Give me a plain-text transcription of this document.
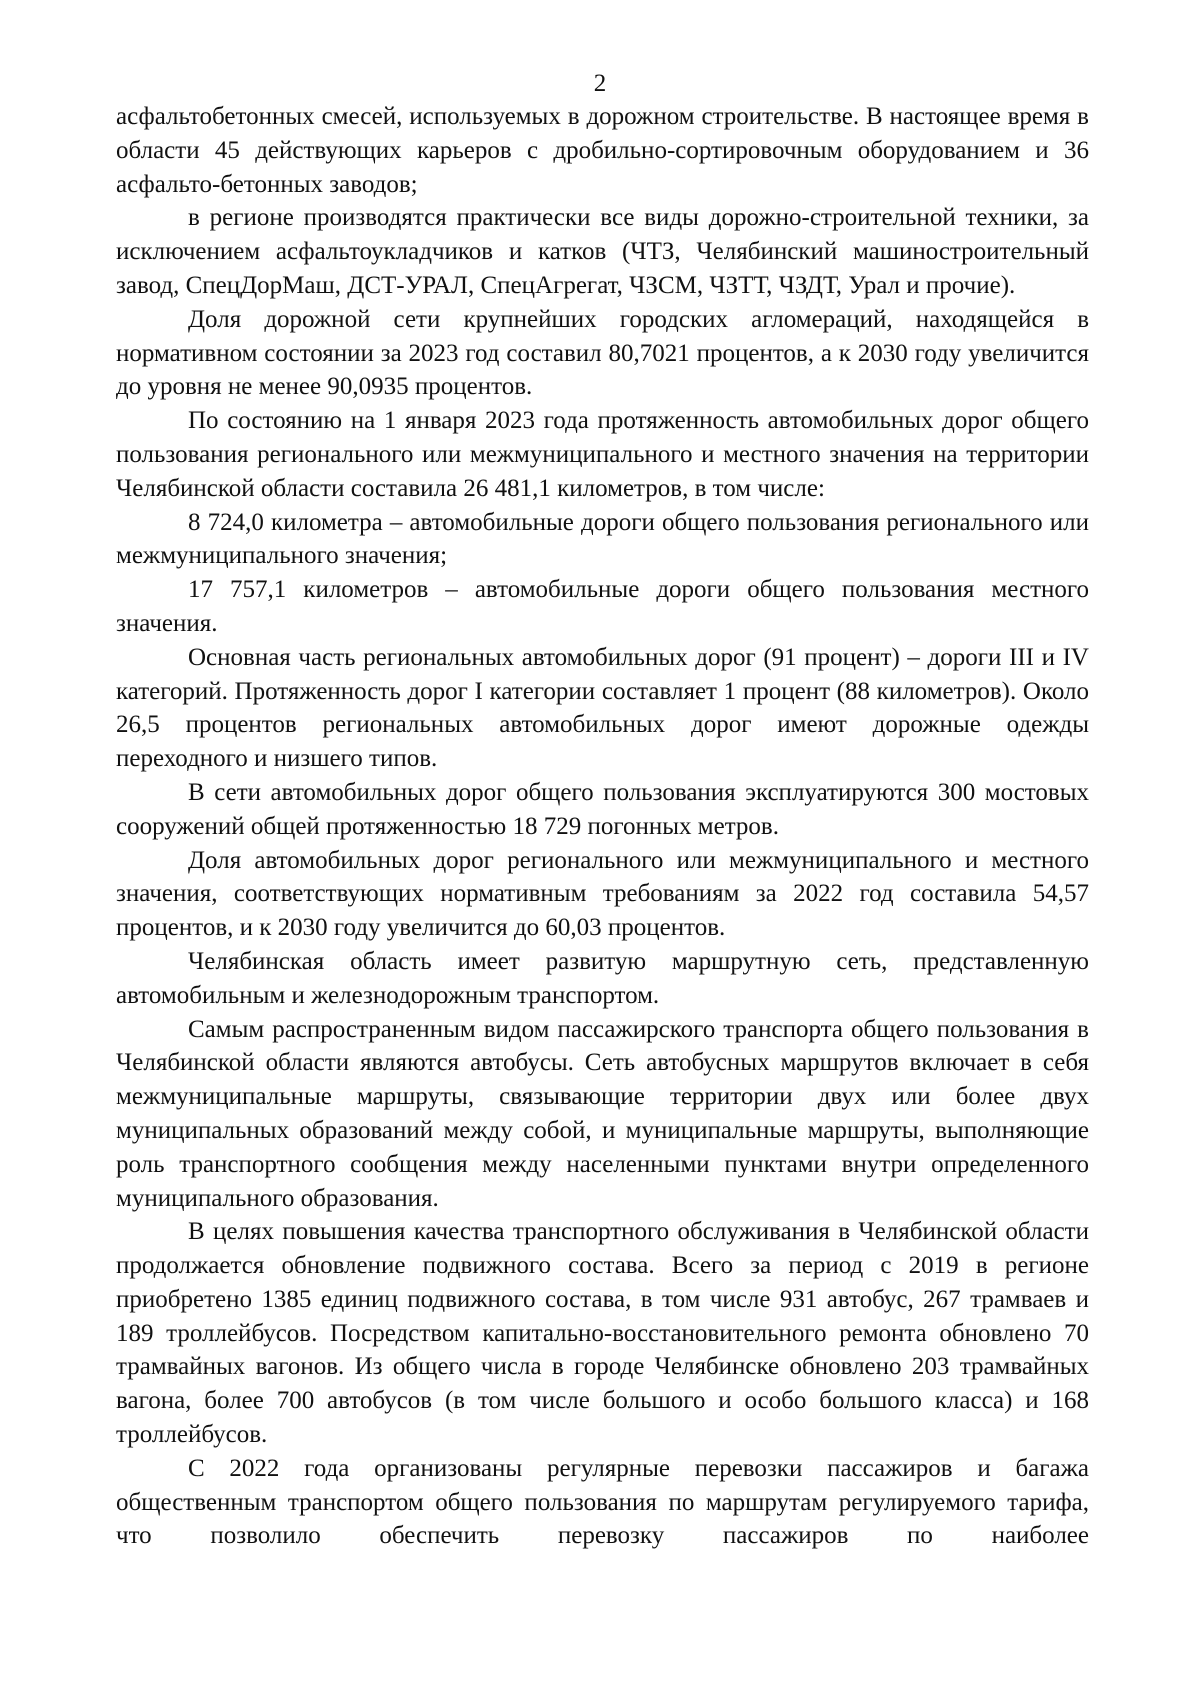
2

асфальтобетонных смесей, используемых в дорожном строительстве. В настоящее время в области 45 действующих карьеров с дробильно-сортировочным оборудованием и 36 асфальто-бетонных заводов;

в регионе производятся практически все виды дорожно-строительной техники, за исключением асфальтоукладчиков и катков (ЧТЗ, Челябинский машиностроительный завод, СпецДорМаш, ДСТ-УРАЛ, СпецАгрегат, ЧЗСМ, ЧЗТТ, ЧЗДТ, Урал и прочие).

Доля дорожной сети крупнейших городских агломераций, находящейся в нормативном состоянии за 2023 год составил 80,7021 процентов, а к 2030 году увеличится до уровня не менее 90,0935 процентов.

По состоянию на 1 января 2023 года протяженность автомобильных дорог общего пользования регионального или межмуниципального и местного значения на территории Челябинской области составила 26 481,1 километров, в том числе:

8 724,0 километра – автомобильные дороги общего пользования регионального или межмуниципального значения;

17 757,1 километров – автомобильные дороги общего пользования местного значения.

Основная часть региональных автомобильных дорог (91 процент) – дороги III и IV категорий. Протяженность дорог I категории составляет 1 процент (88 километров). Около 26,5 процентов региональных автомобильных дорог имеют дорожные одежды переходного и низшего типов.

В сети автомобильных дорог общего пользования эксплуатируются 300 мостовых сооружений общей протяженностью 18 729 погонных метров.

Доля автомобильных дорог регионального или межмуниципального и местного значения, соответствующих нормативным требованиям за 2022 год составила 54,57 процентов, и к 2030 году увеличится до 60,03 процентов.

Челябинская область имеет развитую маршрутную сеть, представленную автомобильным и железнодорожным транспортом.

Самым распространенным видом пассажирского транспорта общего пользования в Челябинской области являются автобусы. Сеть автобусных маршрутов включает в себя межмуниципальные маршруты, связывающие территории двух или более двух муниципальных образований между собой, и муниципальные маршруты, выполняющие роль транспортного сообщения между населенными пунктами внутри определенного муниципального образования.

В целях повышения качества транспортного обслуживания в Челябинской области продолжается обновление подвижного состава. Всего за период с 2019 в регионе приобретено 1385 единиц подвижного состава, в том числе 931 автобус, 267 трамваев и 189 троллейбусов. Посредством капитально-восстановительного ремонта обновлено 70 трамвайных вагонов. Из общего числа в городе Челябинске обновлено 203 трамвайных вагона, более 700 автобусов (в том числе большого и особо большого класса) и 168 троллейбусов.

С 2022 года организованы регулярные перевозки пассажиров и багажа общественным транспортом общего пользования по маршрутам регулируемого тарифа, что позволило обеспечить перевозку пассажиров по наиболее
